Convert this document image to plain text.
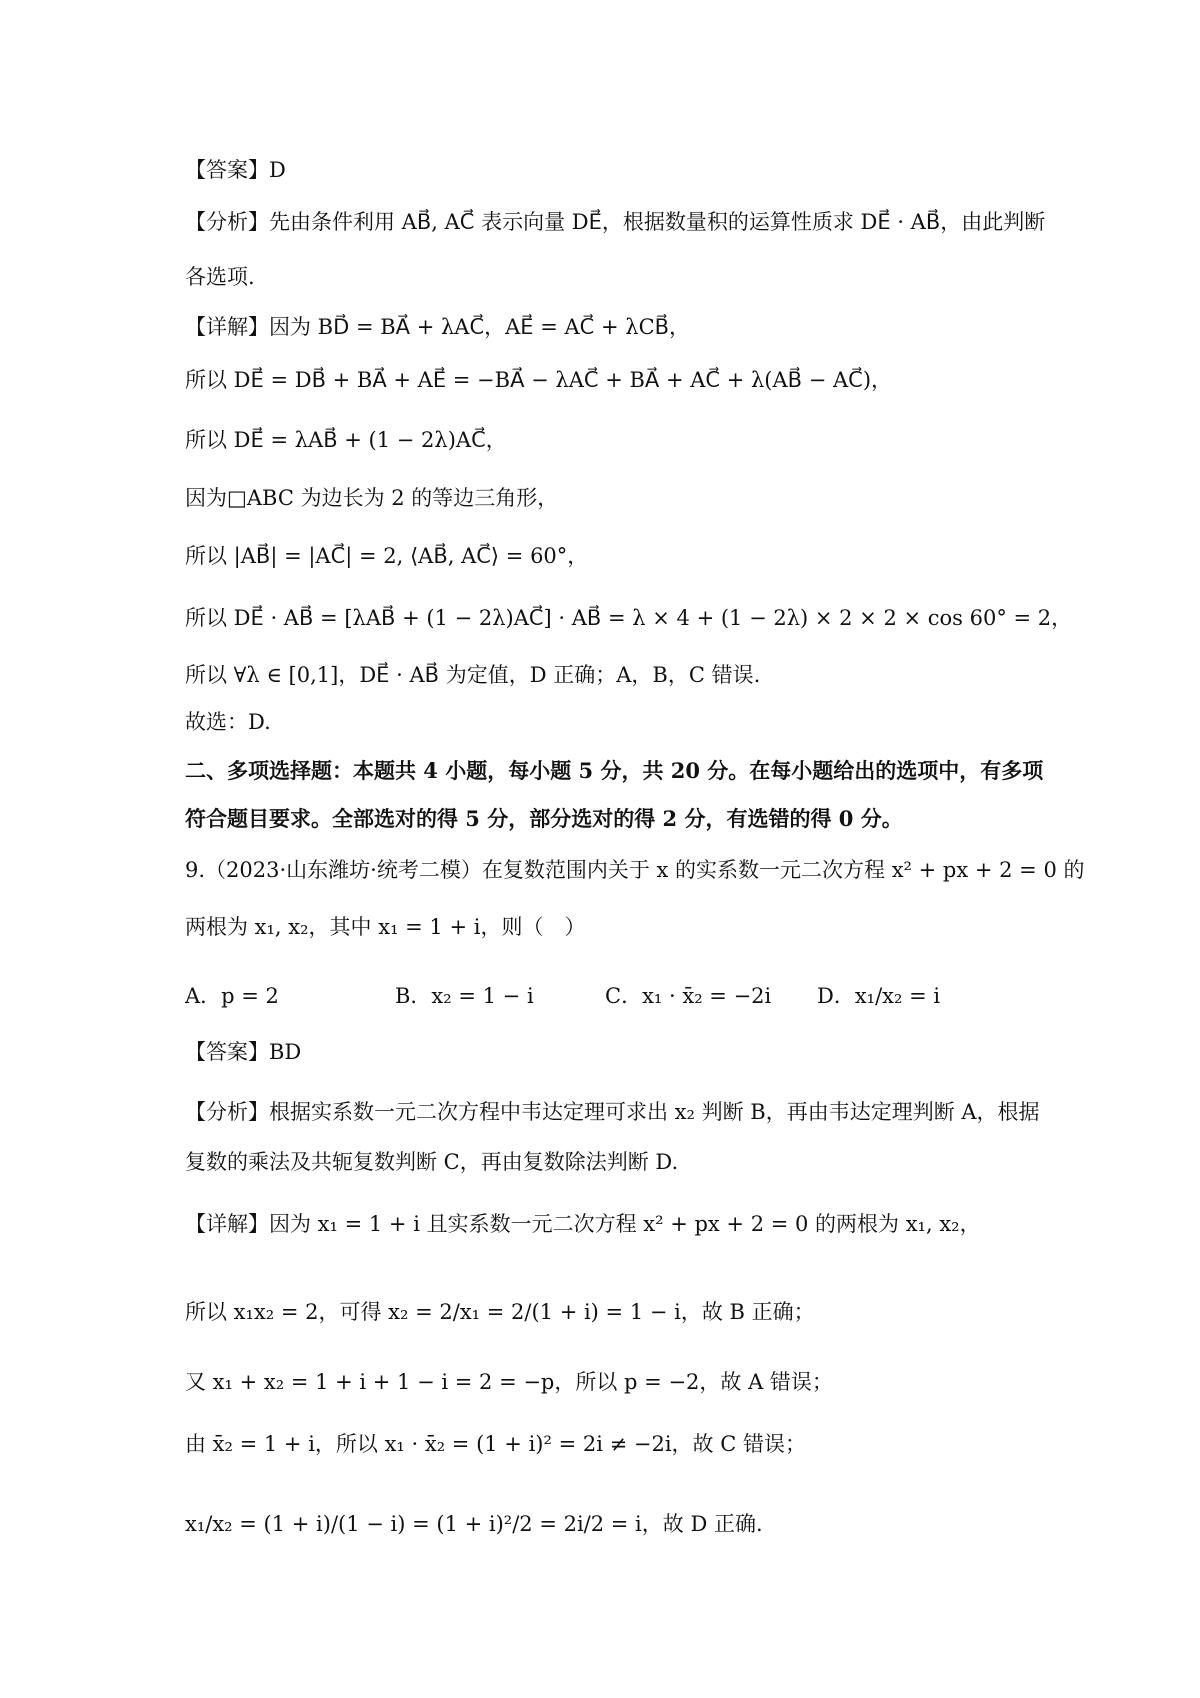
【答案】D
【分析】先由条件利用 AB⃗, AC⃗ 表示向量 DE⃗，根据数量积的运算性质求 DE⃗ · AB⃗，由此判断
各选项.
【详解】因为 BD⃗ = BA⃗ + λAC⃗，AE⃗ = AC⃗ + λCB⃗，
所以 DE⃗ = DB⃗ + BA⃗ + AE⃗ = −BA⃗ − λAC⃗ + BA⃗ + AC⃗ + λ(AB⃗ − AC⃗)，
所以 DE⃗ = λAB⃗ + (1 − 2λ)AC⃗，
因为□ABC 为边长为 2 的等边三角形，
所以 |AB⃗| = |AC⃗| = 2, ⟨AB⃗, AC⃗⟩ = 60°，
所以 DE⃗ · AB⃗ = [λAB⃗ + (1 − 2λ)AC⃗] · AB⃗ = λ × 4 + (1 − 2λ) × 2 × 2 × cos 60° = 2，
所以 ∀λ ∈ [0,1]，DE⃗ · AB⃗ 为定值，D 正确；A，B，C 错误.
故选：D.
二、多项选择题：本题共 4 小题，每小题 5 分，共 20 分。在每小题给出的选项中，有多项
符合题目要求。全部选对的得 5 分，部分选对的得 2 分，有选错的得 0 分。
9.（2023·山东潍坊·统考二模）在复数范围内关于 x 的实系数一元二次方程 x² + px + 2 = 0 的
两根为 x₁, x₂，其中 x₁ = 1 + i，则（　）
A．p = 2	B．x₂ = 1 − i	C．x₁ · x̄₂ = −2i D．x₁/x₂ = i
【答案】BD
【分析】根据实系数一元二次方程中韦达定理可求出 x₂ 判断 B，再由韦达定理判断 A，根据
复数的乘法及共轭复数判断 C，再由复数除法判断 D.
【详解】因为 x₁ = 1 + i 且实系数一元二次方程 x² + px + 2 = 0 的两根为 x₁, x₂，
所以 x₁x₂ = 2，可得 x₂ = 2/x₁ = 2/(1 + i) = 1 − i，故 B 正确；
又 x₁ + x₂ = 1 + i + 1 − i = 2 = −p，所以 p = −2，故 A 错误；
由 x̄₂ = 1 + i，所以 x₁ · x̄₂ = (1 + i)² = 2i ≠ −2i，故 C 错误；
x₁/x₂ = (1 + i)/(1 − i) = (1 + i)²/2 = 2i/2 = i，故 D 正确.
